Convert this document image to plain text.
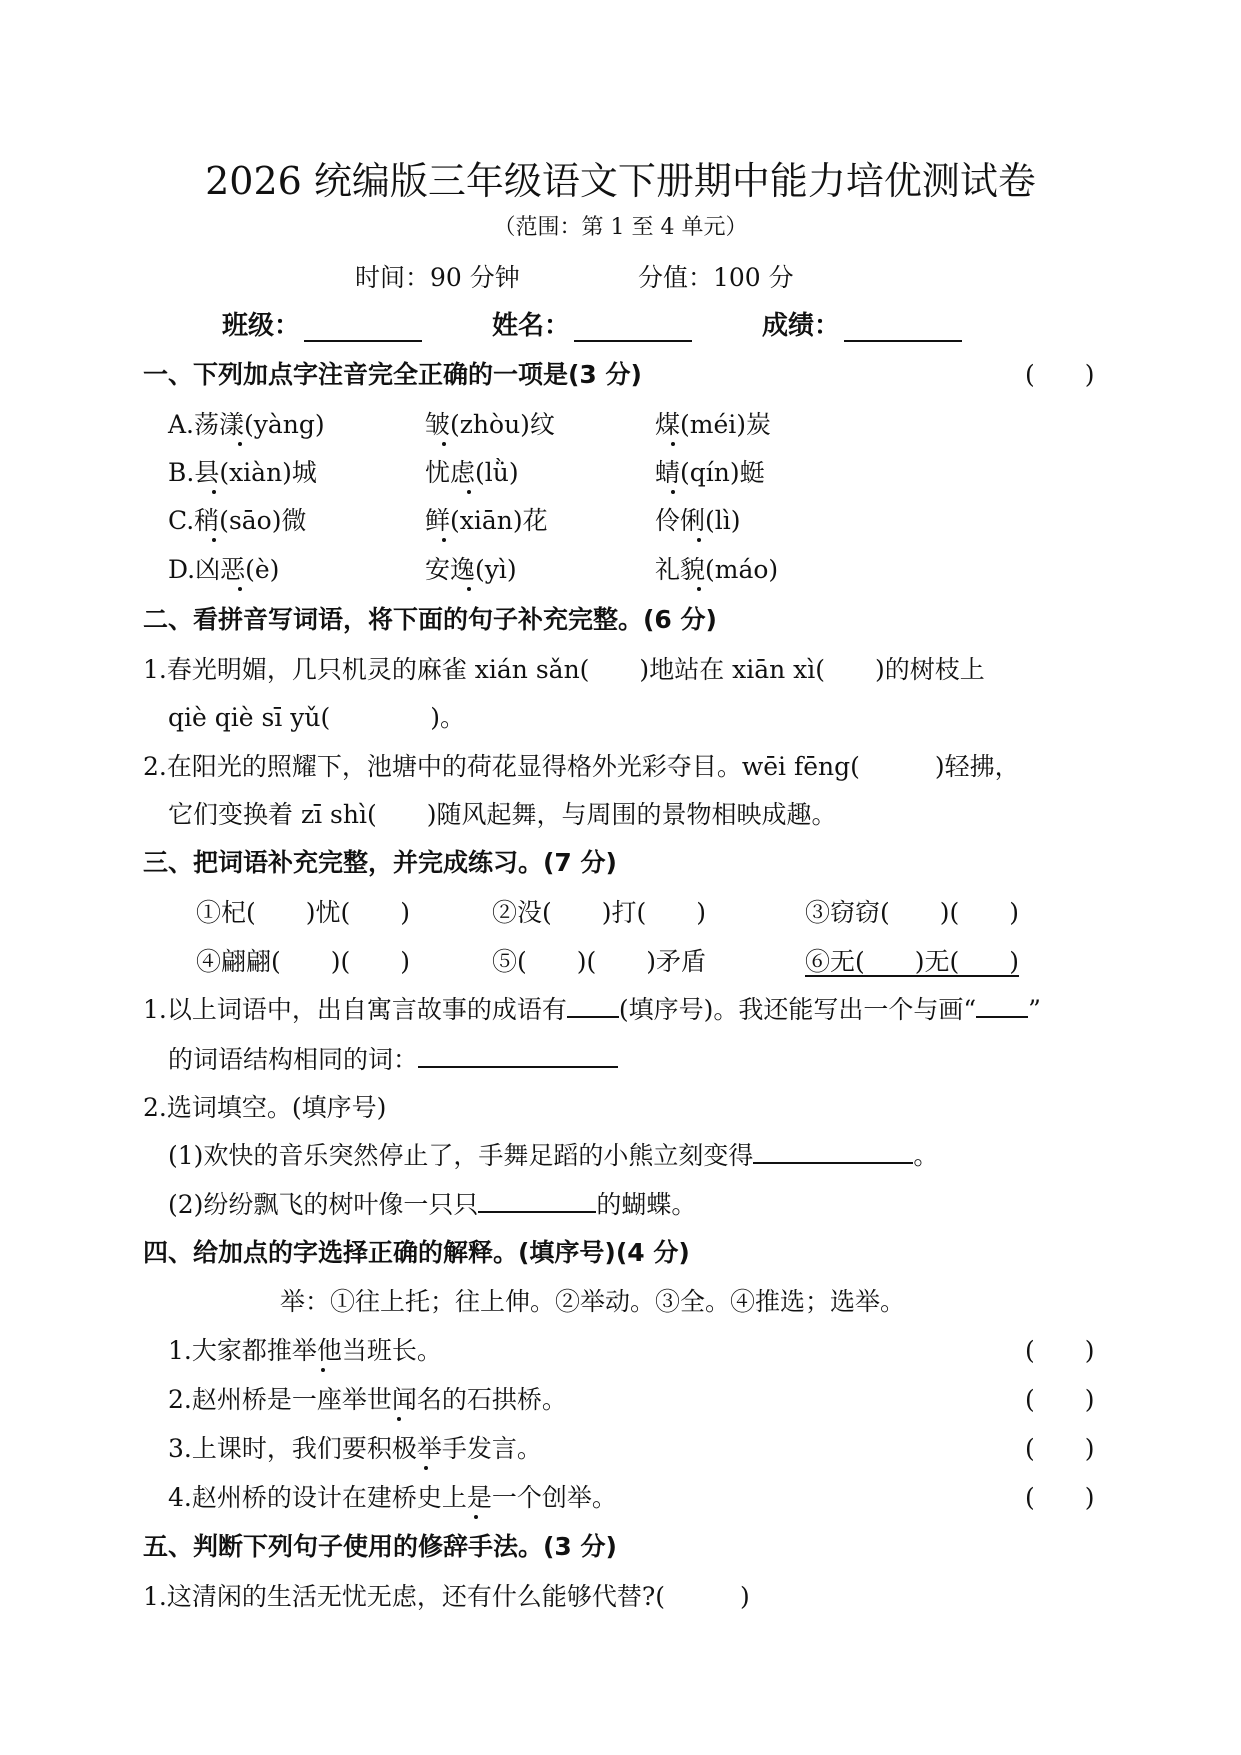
2026 统编版三年级语文下册期中能力培优测试卷
（范围：第 1 至 4 单元）
时间：90 分钟	分值：100 分
班级：	姓名：	成绩：
一、下列加点字注音完全正确的一项是(3 分)	(　　)
A.荡漾(yàng)	皱(zhòu)纹	煤(méi)炭
B.县(xiàn)城	忧虑(lǜ)	蜻(qín)蜓
C.稍(sāo)微	鲜(xiān)花	伶俐(lì)
D.凶恶(è)	安逸(yì)	礼貌(máo)
二、看拼音写词语，将下面的句子补充完整。(6 分)
1.春光明媚，几只机灵的麻雀 xián sǎn(　　)地站在 xiān xì(　　)的树枝上
qiè qiè sī yǔ(　　　　)。
2.在阳光的照耀下，池塘中的荷花显得格外光彩夺目。wēi fēng(　　　)轻拂，
它们变换着 zī shì(　　)随风起舞，与周围的景物相映成趣。
三、把词语补充完整，并完成练习。(7 分)
①杞(　　)忧(　　)	②没(　　)打(　　)	③窃窃(　　)(　　)
④翩翩(　　)(　　)	⑤(　　)(　　)矛盾	⑥无(　　)无(　　)
1.以上词语中，出自寓言故事的成语有 (填序号)。我还能写出一个与画“ ”
的词语结构相同的词：
2.选词填空。(填序号)
(1)欢快的音乐突然停止了，手舞足蹈的小熊立刻变得	。
(2)纷纷飘飞的树叶像一只只	的蝴蝶。
四、给加点的字选择正确的解释。(填序号)(4 分)
举：①往上托；往上伸。②举动。③全。④推选；选举。
1.大家都推举他当班长。	(　　)
2.赵州桥是一座举世闻名的石拱桥。	(　　)
3.上课时，我们要积极举手发言。	(　　)
4.赵州桥的设计在建桥史上是一个创举。	(　　)
五、判断下列句子使用的修辞手法。(3 分)
1.这清闲的生活无忧无虑，还有什么能够代替?(　　　)
